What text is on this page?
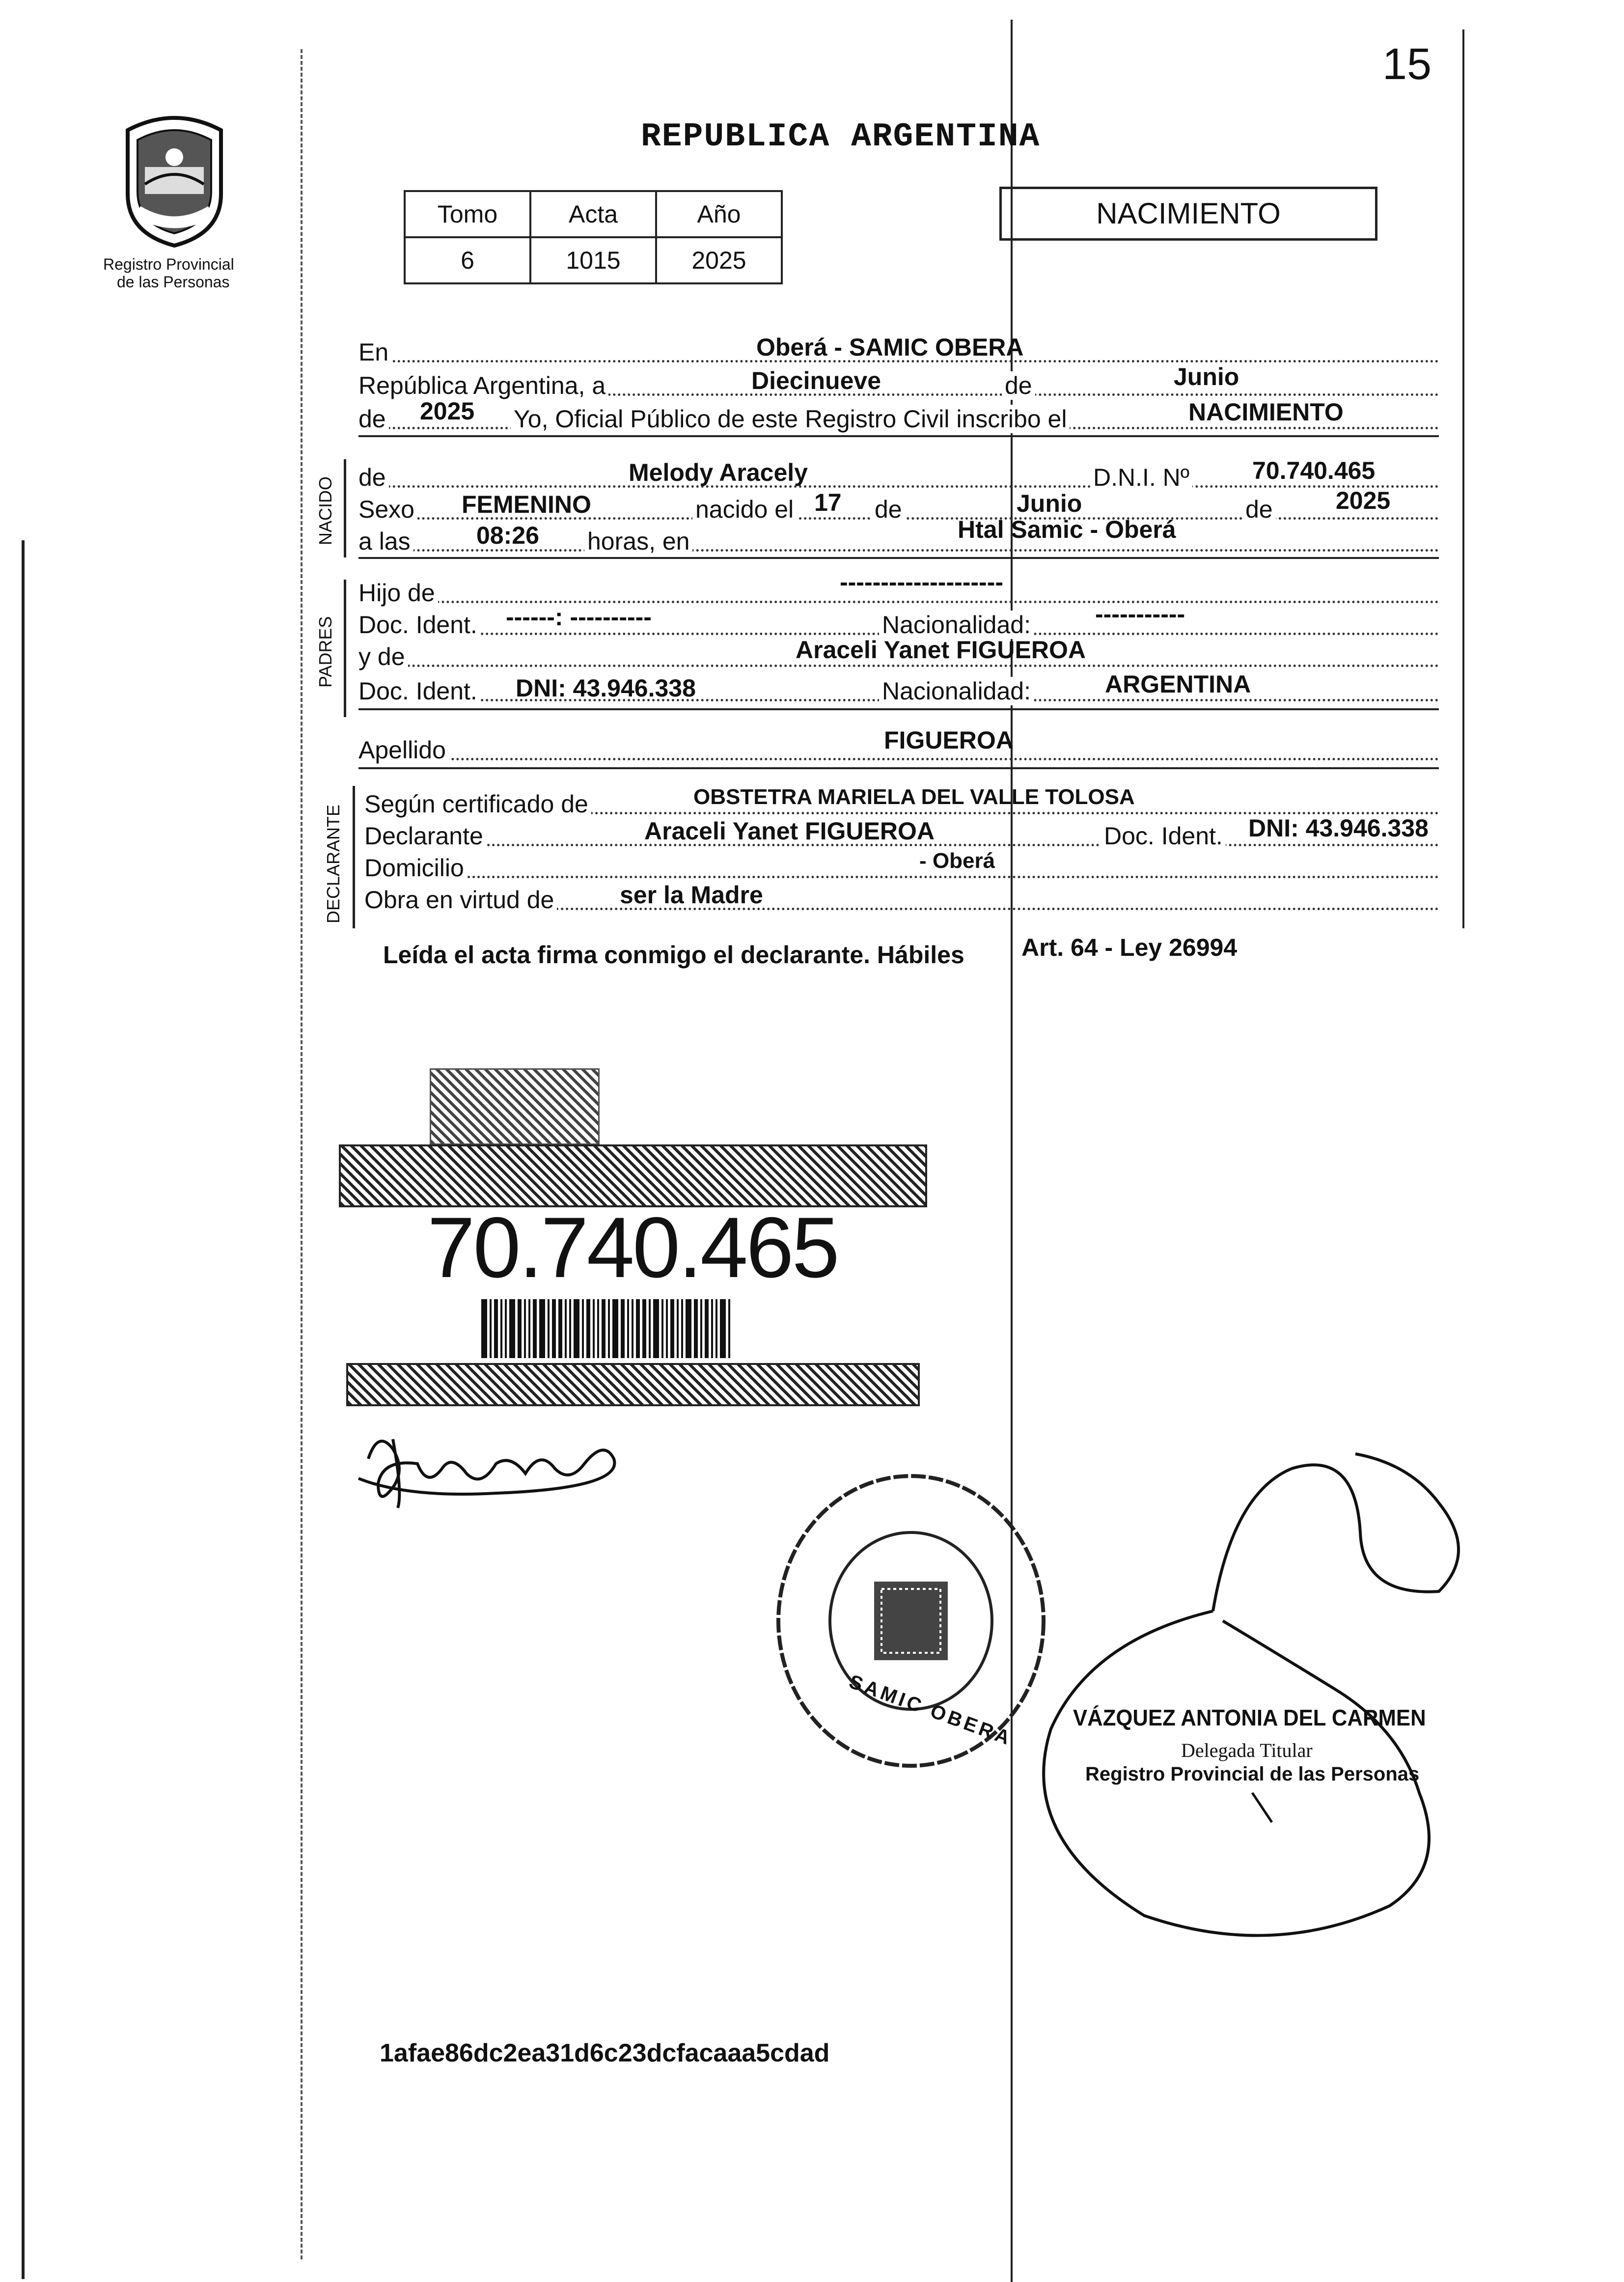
15
Registro Provincial
de las Personas
REPUBLICA ARGENTINA
Tomo	Acta	Año
6	1015	2025
NACIMIENTO
En	Oberá - SAMIC OBERA
República Argentina, a	Diecinueve	de	Junio
de 2025 Yo, Oficial Público de este Registro Civil inscribo el	NACIMIENTO
NACIDO de	Melody Aracely	D.N.I. Nº	70.740.465
Sexo FEMENINO	nacido el 17 de	Junio	de	2025
a las	08:26 horas, en	Htal Samic - Oberá
PADRES
Hijo de	--------------------
Doc. Ident. ------: ----------	Nacionalidad:	-----------
y de	Araceli Yanet FIGUEROA
Doc. Ident. DNI: 43.946.338	Nacionalidad:	ARGENTINA
Apellido	FIGUEROA
DECLARANTE
Según certificado de	OBSTETRA MARIELA DEL VALLE TOLOSA
Declarante	Araceli Yanet FIGUEROA	Doc. Ident. DNI: 43.946.338
Domicilio	- Oberá
Obra en virtud de	ser la Madre
Leída el acta firma conmigo el declarante. Hábiles Art. 64 - Ley 26994
70.740.465
SAMIC OBERA	VÁZQUEZ ANTONIA DEL CARMEN
Delegada Titular
Registro Provincial de las Personas
1afae86dc2ea31d6c23dcfacaaa5cdad
